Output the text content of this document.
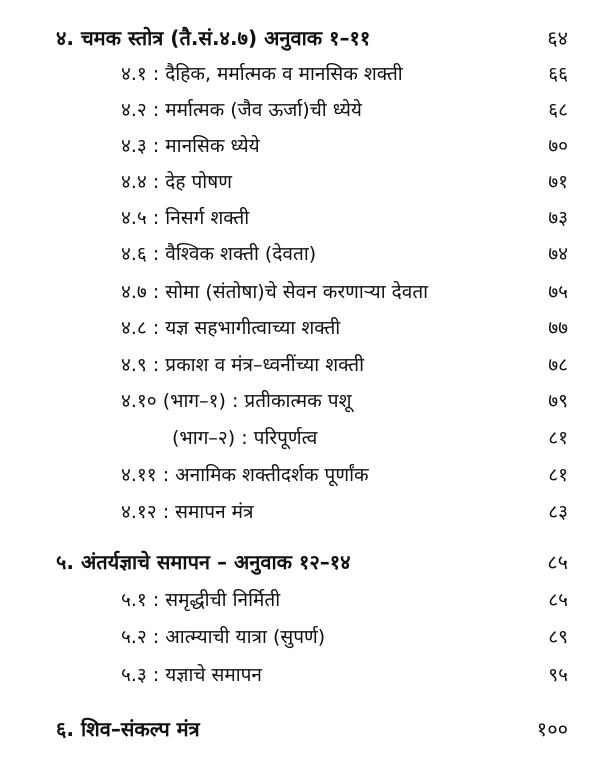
४. चमक स्तोत्र (तै.सं.४.७) अनुवाक १–११	६४
४.१ : दैहिक, मर्मात्मक व मानसिक शक्ती	६६
४.२ : मर्मात्मक (जैव ऊर्जा)ची ध्येये	६८
४.३ : मानसिक ध्येये	७०
४.४ : देह पोषण	७१
४.५ : निसर्ग शक्ती	७३
४.६ : वैश्विक शक्ती (देवता)	७४
४.७ : सोमा (संतोषा)चे सेवन करणाऱ्या देवता	७५
४.८ : यज्ञ सहभागीत्वाच्या शक्ती	७७
४.९ : प्रकाश व मंत्र–ध्वनींच्या शक्ती	७८
४.१० (भाग–१) : प्रतीकात्मक पशू	७९
(भाग–२) : परिपूर्णत्व	८१
४.११ : अनामिक शक्तीदर्शक पूर्णांक	८१
४.१२ : समापन मंत्र	८३
५. अंतर्यज्ञाचे समापन – अनुवाक १२–१४	८५
५.१ : समृद्धीची निर्मिती	८५
५.२ : आत्म्याची यात्रा (सुपर्ण)	८९
५.३ : यज्ञाचे समापन	९५
६. शिव–संकल्प मंत्र	१००
